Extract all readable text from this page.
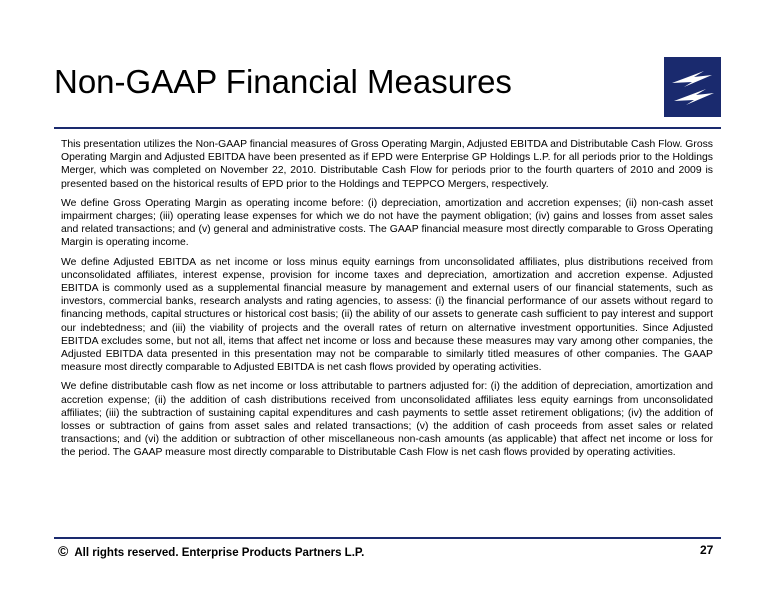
Non-GAAP Financial Measures

This presentation utilizes the Non-GAAP financial measures of Gross Operating Margin, Adjusted EBITDA and Distributable Cash Flow. Gross Operating Margin and Adjusted EBITDA have been presented as if EPD were Enterprise GP Holdings L.P. for all periods prior to the Holdings Merger, which was completed on November 22, 2010. Distributable Cash Flow for periods prior to the fourth quarters of 2010 and 2009 is presented based on the historical results of EPD prior to the Holdings and TEPPCO Mergers, respectively.

We define Gross Operating Margin as operating income before: (i) depreciation, amortization and accretion expenses; (ii) non-cash asset impairment charges; (iii) operating lease expenses for which we do not have the payment obligation; (iv) gains and losses from asset sales and related transactions; and (v) general and administrative costs. The GAAP financial measure most directly comparable to Gross Operating Margin is operating income.

We define Adjusted EBITDA as net income or loss minus equity earnings from unconsolidated affiliates, plus distributions received from unconsolidated affiliates, interest expense, provision for income taxes and depreciation, amortization and accretion expense. Adjusted EBITDA is commonly used as a supplemental financial measure by management and external users of our financial statements, such as investors, commercial banks, research analysts and rating agencies, to assess: (i) the financial performance of our assets without regard to financing methods, capital structures or historical cost basis; (ii) the ability of our assets to generate cash sufficient to pay interest and support our indebtedness; and (iii) the viability of projects and the overall rates of return on alternative investment opportunities. Since Adjusted EBITDA excludes some, but not all, items that affect net income or loss and because these measures may vary among other companies, the Adjusted EBITDA data presented in this presentation may not be comparable to similarly titled measures of other companies. The GAAP measure most directly comparable to Adjusted EBITDA is net cash flows provided by operating activities.

We define distributable cash flow as net income or loss attributable to partners adjusted for: (i) the addition of depreciation, amortization and accretion expense; (ii) the addition of cash distributions received from unconsolidated affiliates less equity earnings from unconsolidated affiliates; (iii) the subtraction of sustaining capital expenditures and cash payments to settle asset retirement obligations; (iv) the addition of losses or subtraction of gains from asset sales and related transactions; (v) the addition of cash proceeds from asset sales or related transactions; and (vi) the addition or subtraction of other miscellaneous non-cash amounts (as applicable) that affect net income or loss for the period. The GAAP measure most directly comparable to Distributable Cash Flow is net cash flows provided by operating activities.

© All rights reserved. Enterprise Products Partners L.P.	27
